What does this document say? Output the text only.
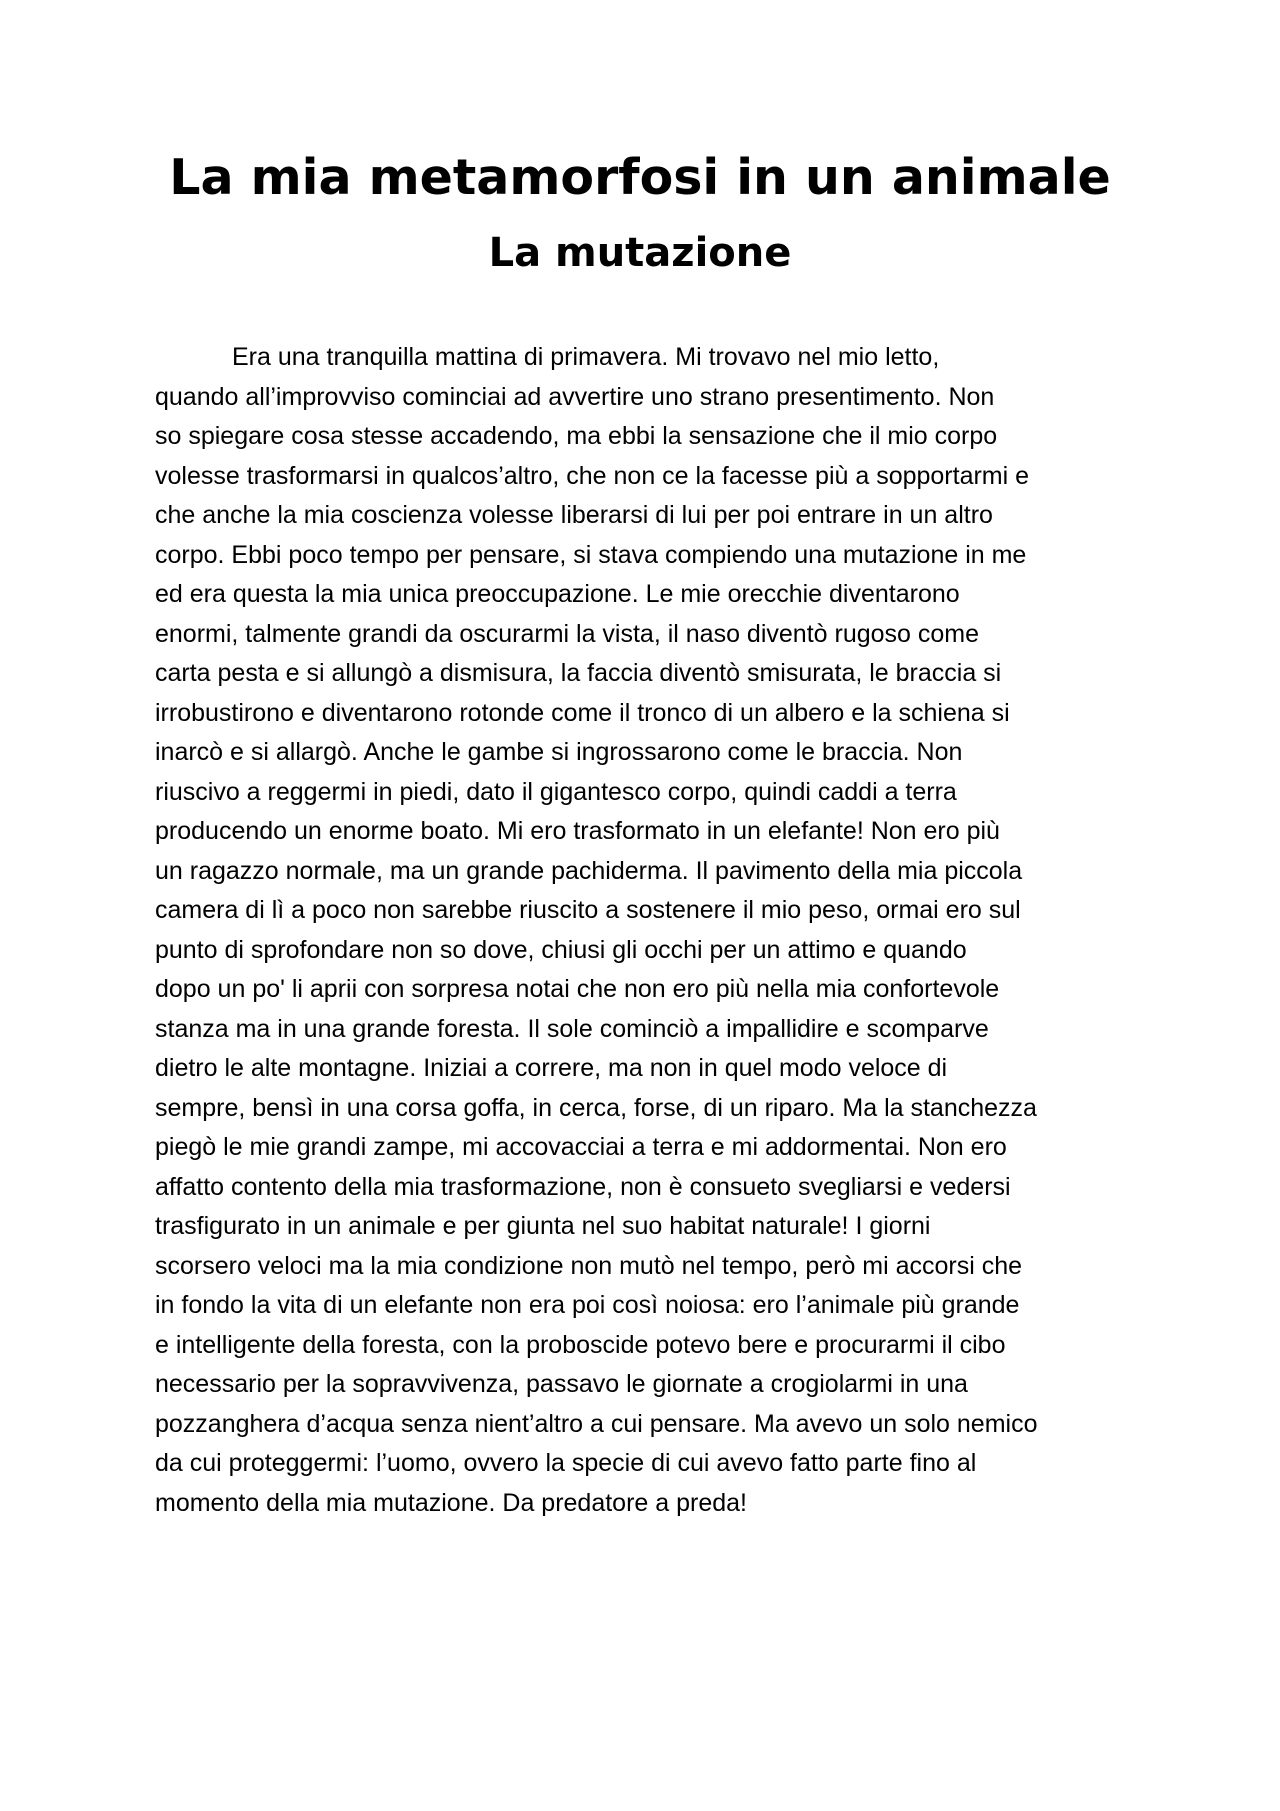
La mia metamorfosi in un animale
La mutazione
Era una tranquilla mattina di primavera. Mi trovavo nel mio letto,
quando all’improvviso cominciai ad avvertire uno strano presentimento. Non
so spiegare cosa stesse accadendo, ma ebbi la sensazione che il mio corpo
volesse trasformarsi in qualcos’altro, che non ce la facesse più a sopportarmi e
che anche la mia coscienza volesse liberarsi di lui per poi entrare in un altro
corpo. Ebbi poco tempo per pensare, si stava compiendo una mutazione in me
ed era questa la mia unica preoccupazione. Le mie orecchie diventarono
enormi, talmente grandi da oscurarmi la vista, il naso diventò rugoso come
carta pesta e si allungò a dismisura, la faccia diventò smisurata, le braccia si
irrobustirono e diventarono rotonde come il tronco di un albero e la schiena si
inarcò e si allargò. Anche le gambe si ingrossarono come le braccia. Non
riuscivo a reggermi in piedi, dato il gigantesco corpo, quindi caddi a terra
producendo un enorme boato. Mi ero trasformato in un elefante! Non ero più
un ragazzo normale, ma un grande pachiderma. Il pavimento della mia piccola
camera di lì a poco non sarebbe riuscito a sostenere il mio peso, ormai ero sul
punto di sprofondare non so dove, chiusi gli occhi per un attimo e quando
dopo un po' li aprii con sorpresa notai che non ero più nella mia confortevole
stanza ma in una grande foresta. Il sole cominciò a impallidire e scomparve
dietro le alte montagne. Iniziai a correre, ma non in quel modo veloce di
sempre, bensì in una corsa goffa, in cerca, forse, di un riparo. Ma la stanchezza
piegò le mie grandi zampe, mi accovacciai a terra e mi addormentai. Non ero
affatto contento della mia trasformazione, non è consueto svegliarsi e vedersi
trasfigurato in un animale e per giunta nel suo habitat naturale! I giorni
scorsero veloci ma la mia condizione non mutò nel tempo, però mi accorsi che
in fondo la vita di un elefante non era poi così noiosa: ero l’animale più grande
e intelligente della foresta, con la proboscide potevo bere e procurarmi il cibo
necessario per la sopravvivenza, passavo le giornate a crogiolarmi in una
pozzanghera d’acqua senza nient’altro a cui pensare. Ma avevo un solo nemico
da cui proteggermi: l’uomo, ovvero la specie di cui avevo fatto parte fino al
momento della mia mutazione. Da predatore a preda!
